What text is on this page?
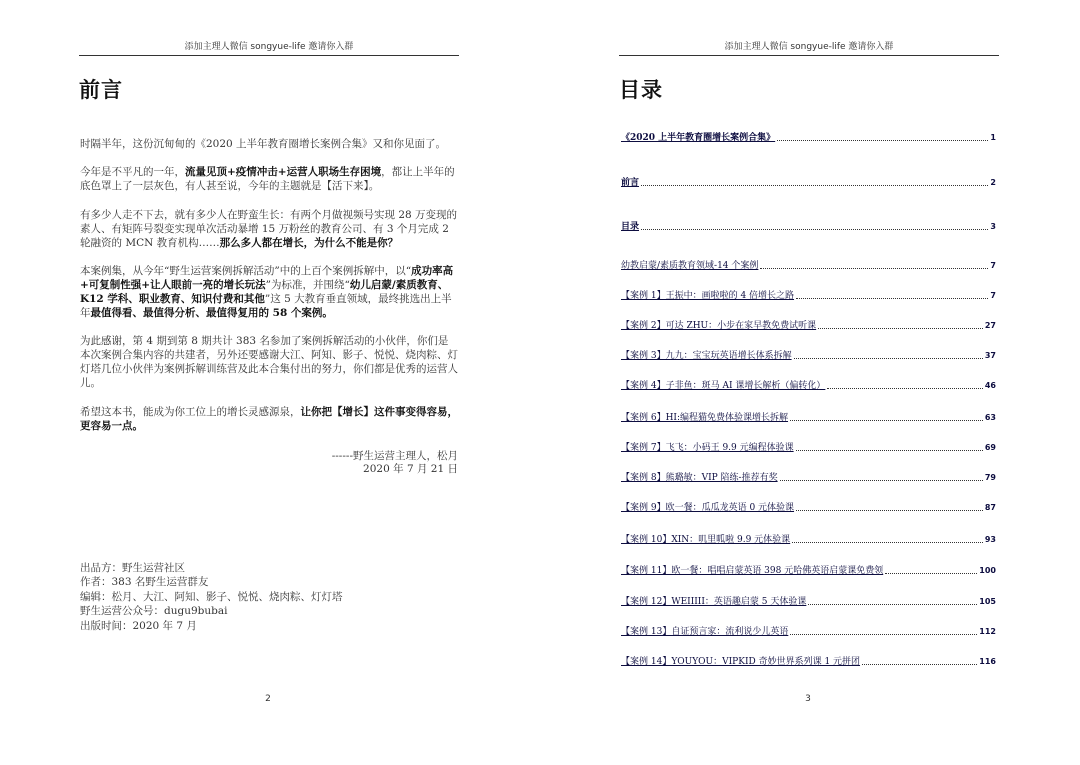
添加主理人微信 songyue-life 邀请你入群
前言

时隔半年，这份沉甸甸的《2020 上半年教育圈增长案例合集》又和你见面了。

今年是不平凡的一年，流量见顶+疫情冲击+运营人职场生存困境，都让上半年的底色罩上了一层灰色，有人甚至说，今年的主题就是【活下来】。

有多少人走不下去，就有多少人在野蛮生长：有两个月做视频号实现 28 万变现的素人、有矩阵号裂变实现单次活动暴增 15 万粉丝的教育公司、有 3 个月完成 2 轮融资的 MCN 教育机构……那么多人都在增长，为什么不能是你？

本案例集，从今年“野生运营案例拆解活动”中的上百个案例拆解中，以“成功率高+可复制性强+让人眼前一亮的增长玩法”为标准，并围绕“幼儿启蒙/素质教育、K12 学科、职业教育、知识付费和其他”这 5 大教育垂直领域，最终挑选出上半年最值得看、最值得分析、最值得复用的 58 个案例。

为此感谢，第 4 期到第 8 期共计 383 名参加了案例拆解活动的小伙伴，你们是本次案例合集内容的共建者，另外还要感谢大江、阿知、影子、悦悦、烧肉粽、灯灯塔几位小伙伴为案例拆解训练营及此本合集付出的努力，你们都是优秀的运营人儿。

希望这本书，能成为你工位上的增长灵感源泉，让你把【增长】这件事变得容易，更容易一点。

------野生运营主理人，松月
2020 年 7 月 21 日
出品方：野生运营社区
作者：383 名野生运营群友
编辑：松月、大江、阿知、影子、悦悦、烧肉粽、灯灯塔
野生运营公众号：dugu9bubai
出版时间：2020 年 7 月
2
添加主理人微信 songyue-life 邀请你入群
目录
《2020 上半年教育圈增长案例合集》	1
前言	2
目录	3
幼教启蒙/素质教育领域-14 个案例	7
【案例 1】王振中：画啦啦的 4 倍增长之路	7
【案例 2】可达 ZHU：小步在家早教免费试听课	27
【案例 3】九九：宝宝玩英语增长体系拆解	37
【案例 4】子非鱼：斑马 AI 课增长解析（偏转化）	46
【案例 6】HI:编程猫免费体验课增长拆解	63
【案例 7】飞飞：小码王 9.9 元编程体验课	69
【案例 8】熊璐敏：VIP 陪练-推荐有奖	79
【案例 9】欧一餐：瓜瓜龙英语 0 元体验课	87
【案例 10】XIN：叽里呱啦 9.9 元体验课	93
【案例 11】欧一餐：唱唱启蒙英语 398 元哈佛英语启蒙课免费领	100
【案例 12】WEIIIII：英语趣启蒙 5 天体验课	105
【案例 13】自证预言家：流利说少儿英语	112
【案例 14】YOUYOU：VIPKID 奇妙世界系列课 1 元拼团	116
3
